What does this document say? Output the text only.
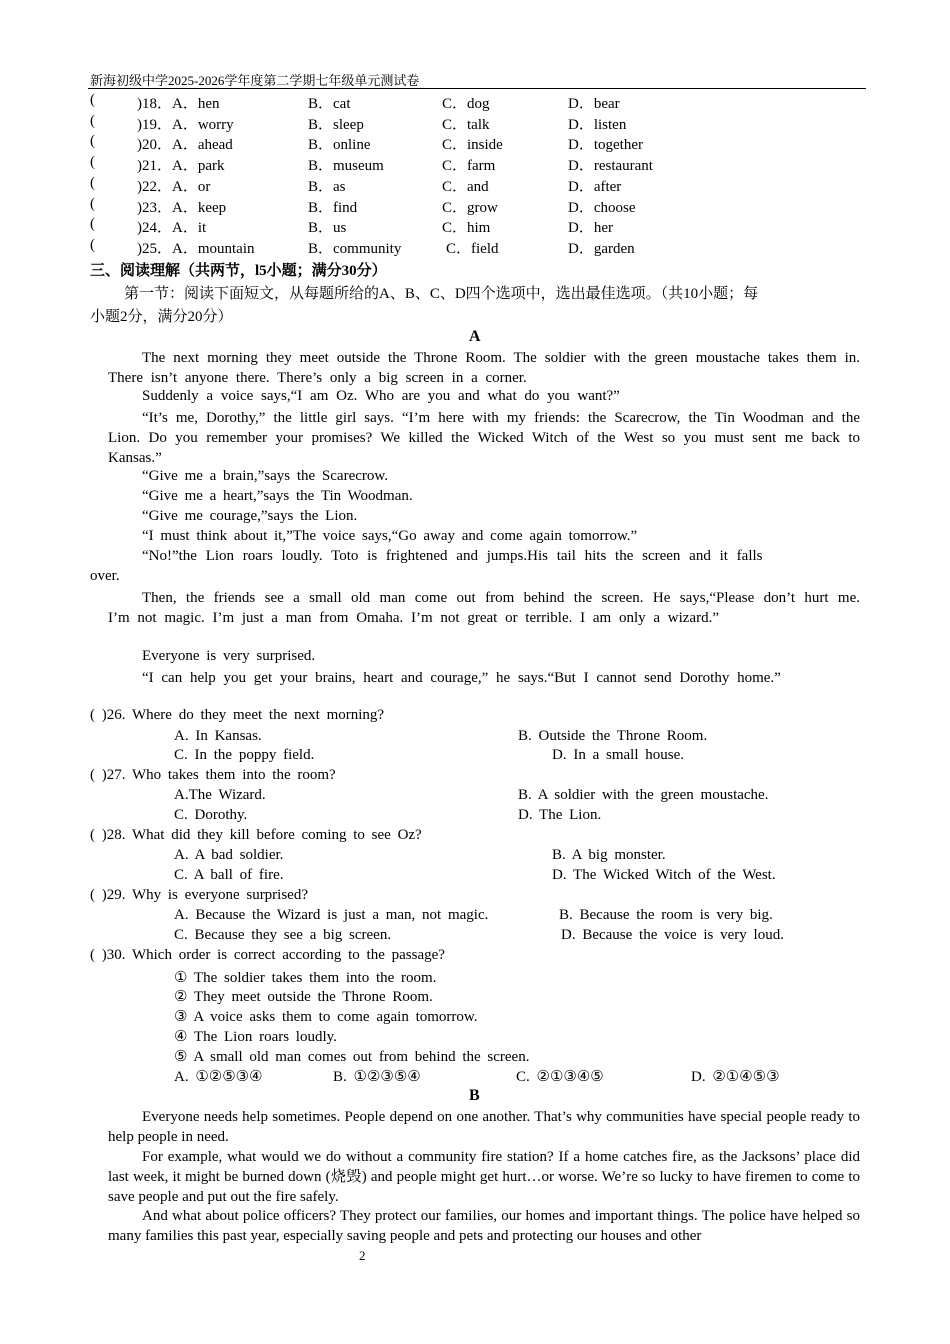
新海初级中学2025-2026学年度第二学期七年级单元测试卷
(	)18．A．hen	B．cat	C．dog	D．bear
(	)19．A．worry	B．sleep	C．talk	D．listen
(	)20．A．ahead	B．online	C．inside	D．together
(	)21．A．park	B．museum	C．farm	D．restaurant
(	)22．A．or	B．as	C．and	D．after
(	)23．A．keep	B．find	C．grow	D．choose
(	)24．A．it	B．us	C．him	D．her
(	)25．A．mountain	B．community	C．field	D．garden
三、阅读理解（共两节，l5小题；满分30分）
第一节：阅读下面短文，从每题所给的A、B、C、D四个选项中，选出最佳选项。（共10小题；每
小题2分，满分20分）
A
The next morning they meet outside the Throne Room. The soldier with the green moustache takes them in. There isn’t anyone there. There’s only a big screen in a corner.
Suddenly a voice says,“I am Oz. Who are you and what do you want?”
“It’s me, Dorothy,” the little girl says. “I’m here with my friends: the Scarecrow, the Tin Woodman and the Lion. Do you remember your promises? We killed the Wicked Witch of the West so you must sent me back to Kansas.”
“Give me a brain,”says the Scarecrow.
“Give me a heart,”says the Tin Woodman.
“Give me courage,”says the Lion.
“I must think about it,”The voice says,“Go away and come again tomorrow.”
“No!”the Lion roars loudly. Toto is frightened and jumps.His tail hits the screen and it falls
over.
Then, the friends see a small old man come out from behind the screen. He says,“Please don’t hurt me. I’m not magic. I’m just a man from Omaha. I’m not great or terrible. I am only a wizard.”
Everyone is very surprised.
“I can help you get your brains, heart and courage,” he says.“But I cannot send Dorothy home.”
( )26. Where do they meet the next morning?
A. In Kansas.	B. Outside the Throne Room.
C. In the poppy field.	D. In a small house.
( )27. Who takes them into the room?
A.The Wizard.	B. A soldier with the green moustache.
C. Dorothy.	D. The Lion.
( )28. What did they kill before coming to see Oz?
A. A bad soldier.	B. A big monster.
C. A ball of fire.	D. The Wicked Witch of the West.
( )29. Why is everyone surprised?
A. Because the Wizard is just a man, not magic.	B. Because the room is very big.
C. Because they see a big screen.	D. Because the voice is very loud.
( )30. Which order is correct according to the passage?
① The soldier takes them into the room.
② They meet outside the Throne Room.
③ A voice asks them to come again tomorrow.
④ The Lion roars loudly.
⑤ A small old man comes out from behind the screen.
A. ①②⑤③④	B. ①②③⑤④	C. ②①③④⑤	D. ②①④⑤③
B
Everyone needs help sometimes. People depend on one another. That’s why communities have special people ready to help people in need.
For example, what would we do without a community fire station? If a home catches fire, as the Jacksons’ place did last week, it might be burned down (烧毁) and people might get hurt…or worse. We’re so lucky to have firemen to come to save people and put out the fire safely.
And what about police officers? They protect our families, our homes and important things. The police have helped so many families this past year, especially saving people and pets and protecting our houses and other
2
